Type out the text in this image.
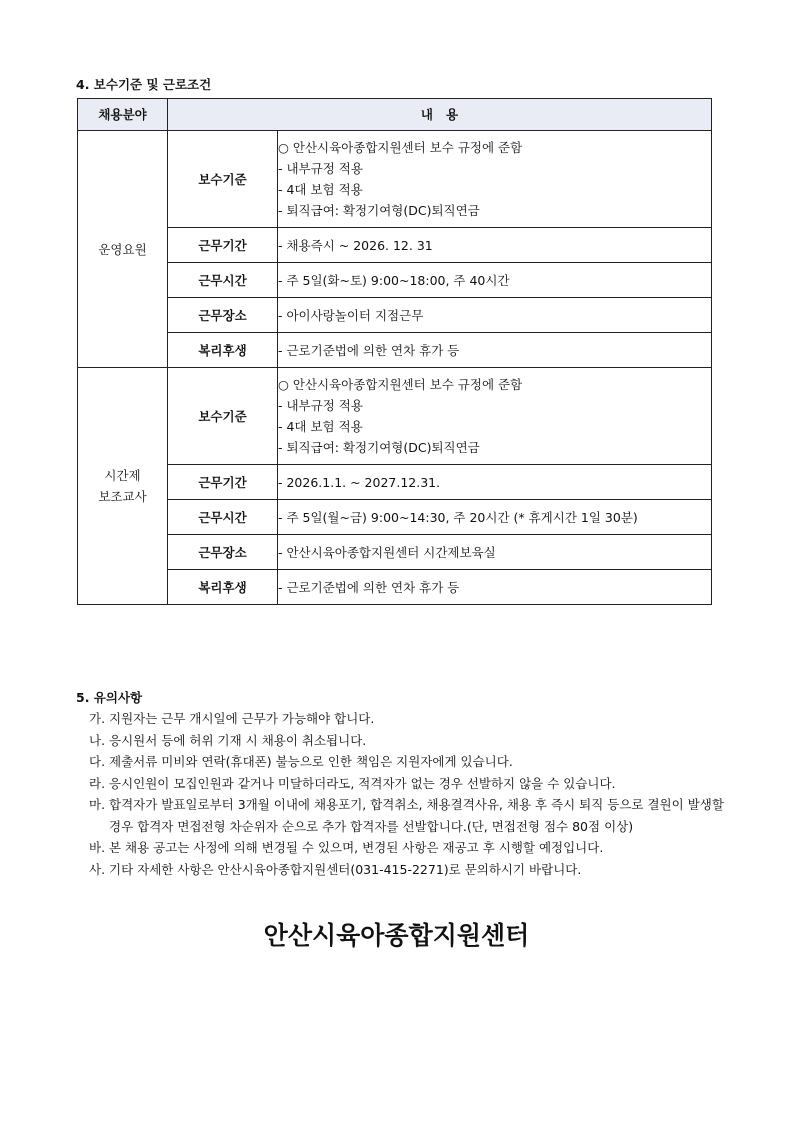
4. 보수기준 및 근로조건
채용분야	내   용	
운영요원	보수기준	○ 안산시육아종합지원센터 보수 규정에 준함
- 내부규정 적용
- 4대 보험 적용
- 퇴직급여: 확정기여형(DC)퇴직연금

	근무기간	- 채용즉시 ~ 2026. 12. 31
	근무시간	- 주 5일(화~토) 9:00~18:00, 주 40시간
	근무장소	- 아이사랑놀이터 지점근무
	복리후생	- 근로기준법에 의한 연차 휴가 등

시간제
보조교사	보수기준	○ 안산시육아종합지원센터 보수 규정에 준함
- 내부규정 적용
- 4대 보험 적용
- 퇴직급여: 확정기여형(DC)퇴직연금

	근무기간	- 2026.1.1. ~ 2027.12.31.
	근무시간	- 주 5일(월~금) 9:00~14:30, 주 20시간 (* 휴게시간 1일 30분)
	근무장소	- 안산시육아종합지원센터 시간제보육실
	복리후생	- 근로기준법에 의한 연차 휴가 등
5. 유의사항
가. 지원자는 근무 개시일에 근무가 가능해야 합니다.
나. 응시원서 등에 허위 기재 시 채용이 취소됩니다.
다. 제출서류 미비와 연락(휴대폰) 불능으로 인한 책임은 지원자에게 있습니다.
라. 응시인원이 모집인원과 같거나 미달하더라도, 적격자가 없는 경우 선발하지 않을 수 있습니다.
마. 합격자가 발표일로부터 3개월 이내에 채용포기, 합격취소, 채용결격사유, 채용 후 즉시 퇴직 등으로 결원이 발생할 경우 합격자 면접전형 차순위자 순으로 추가 합격자를 선발합니다.(단, 면접전형 점수 80점 이상)
바. 본 채용 공고는 사정에 의해 변경될 수 있으며, 변경된 사항은 재공고 후 시행할 예정입니다.
사. 기타 자세한 사항은 안산시육아종합지원센터(031-415-2271)로 문의하시기 바랍니다.
안산시육아종합지원센터
